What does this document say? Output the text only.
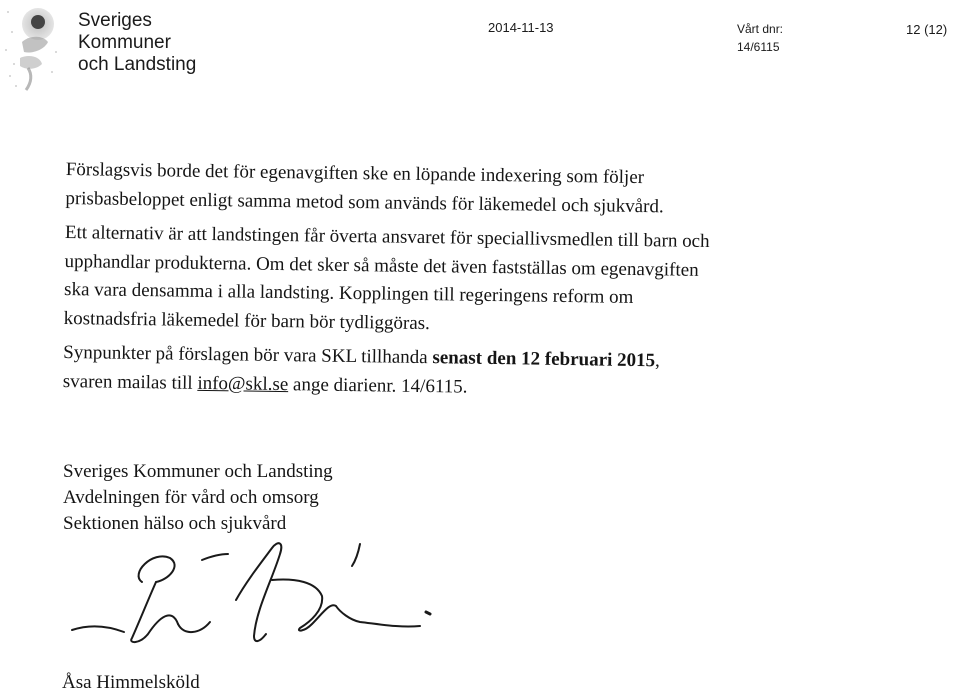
Sveriges
Kommuner
och Landsting
2014-11-13	Vårt dnr:
14/6115
12 (12)
Förslagsvis borde det för egenavgiften ske en löpande indexering som följer
prisbasbeloppet enligt samma metod som används för läkemedel och sjukvård.
Ett alternativ är att landstingen får överta ansvaret för speciallivsmedlen till barn och
upphandlar produkterna. Om det sker så måste det även fastställas om egenavgiften
ska vara densamma i alla landsting. Kopplingen till regeringens reform om
kostnadsfria läkemedel för barn bör tydliggöras.
Synpunkter på förslagen bör vara SKL tillhanda senast den 12 februari 2015,
svaren mailas till info@skl.se ange diarienr. 14/6115.
Sveriges Kommuner och Landsting
Avdelningen för vård och omsorg
Sektionen hälso och sjukvård
Åsa Himmelsköld
